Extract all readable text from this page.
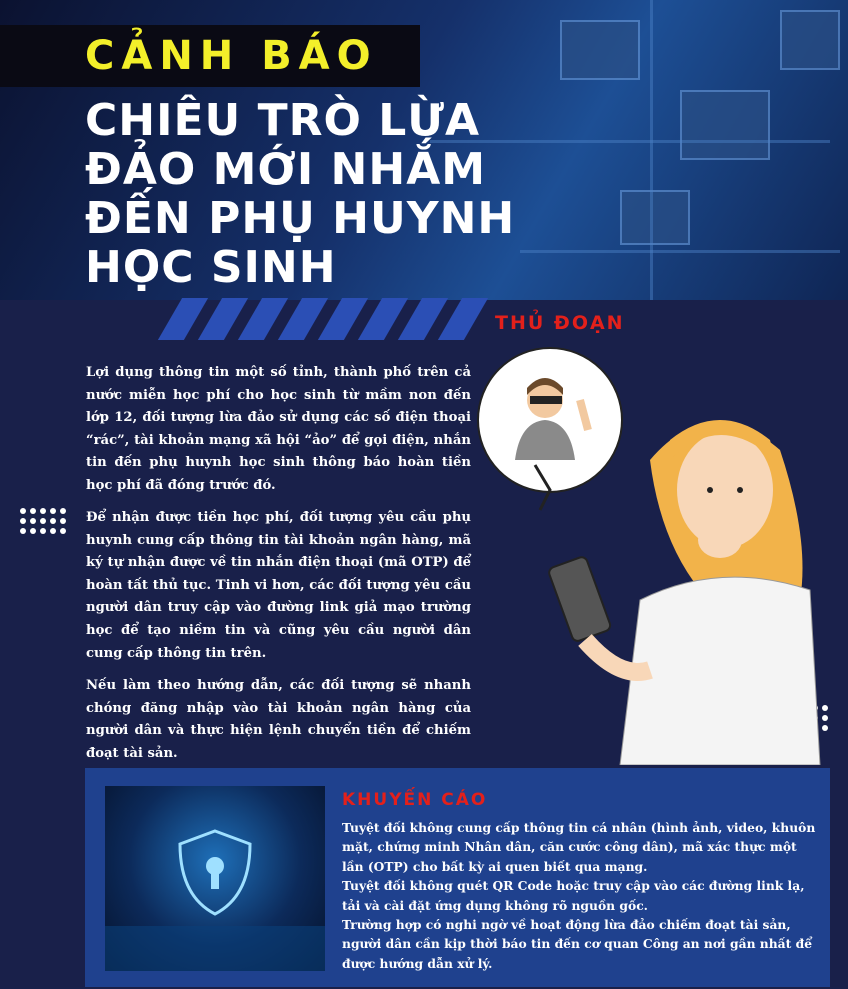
CẢNH BÁO
CHIÊU TRÒ LỪA
ĐẢO MỚI NHẮM
ĐẾN PHỤ HUYNH
HỌC SINH
THỦ ĐOẠN
Lợi dụng thông tin một số tỉnh, thành phố trên cả nước miễn học phí cho học sinh từ mầm non đến lớp 12, đối tượng lừa đảo sử dụng các số điện thoại “rác”, tài khoản mạng xã hội “ảo” để gọi điện, nhắn tin đến phụ huynh học sinh thông báo hoàn tiền học phí đã đóng trước đó.
Để nhận được tiền học phí, đối tượng yêu cầu phụ huynh cung cấp thông tin tài khoản ngân hàng, mã ký tự nhận được về tin nhắn điện thoại (mã OTP) để hoàn tất thủ tục. Tinh vi hơn, các đối tượng yêu cầu người dân truy cập vào đường link giả mạo trường học để tạo niềm tin và cũng yêu cầu người dân cung cấp thông tin trên.
Nếu làm theo hướng dẫn, các đối tượng sẽ nhanh chóng đăng nhập vào tài khoản ngân hàng của người dân và thực hiện lệnh chuyển tiền để chiếm đoạt tài sản.
KHUYẾN CÁO
Tuyệt đối không cung cấp thông tin cá nhân (hình ảnh, video, khuôn mặt, chứng minh Nhân dân, căn cước công dân), mã xác thực một lần (OTP) cho bất kỳ ai quen biết qua mạng.
Tuyệt đối không quét QR Code hoặc truy cập vào các đường link lạ, tải và cài đặt ứng dụng không rõ nguồn gốc.
Trường hợp có nghi ngờ về hoạt động lừa đảo chiếm đoạt tài sản, người dân cần kịp thời báo tin đến cơ quan Công an nơi gần nhất để được hướng dẫn xử lý.
